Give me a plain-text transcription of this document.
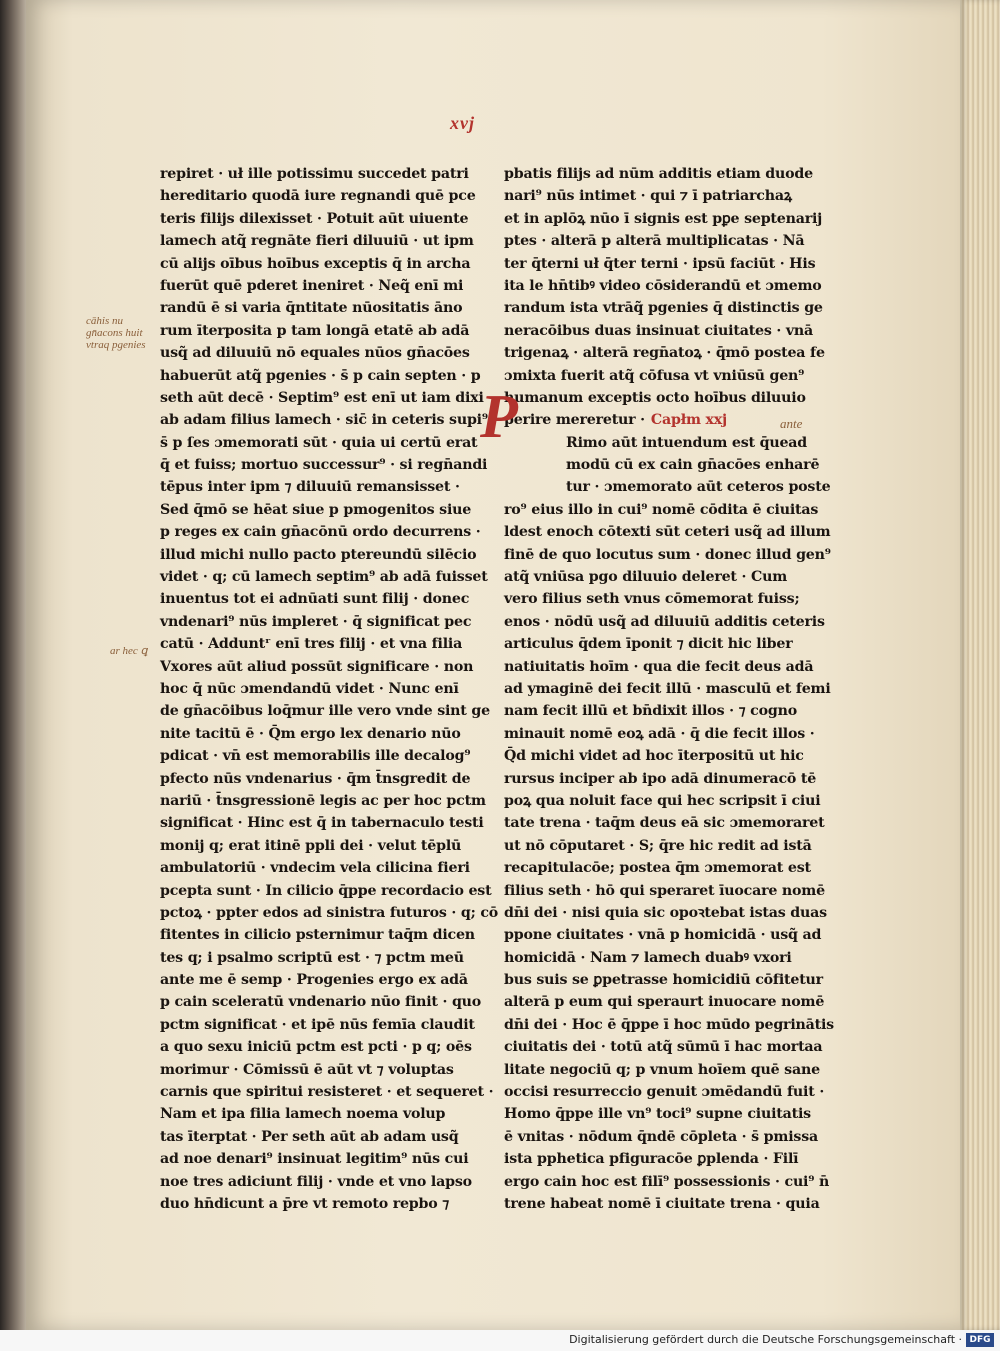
xvj
repiret · uł ille potissimu succedet patri
hereditario quodā iure regnandi quē pce
teris filijs dilexisset · Potuit aūt uiuente
lamech atq̃ regnāte fieri diluuiū · ut ipm
cū alijs oībus hoībus exceptis q̄ in archa
fuerūt quē pderet ineniret · Neq̃ enī mi
randū ē si varia q̄ntitate nūositatis āno
rum īterposita p tam longā etatē ab adā
usq̃ ad diluuiū nō equales nūos gn̄acōes
habuerūt atq̃ pgenies · s̄ p cain septen · p
seth aūt decē · Septim⁹ est enī ut iam dixi
ab adam filius lamech · sic̄ in ceteris supi⁹
s̄ p ſes ɔmemorati sūt · quia ui certū erat
q̄ et fuiss; mortuo successur⁹ · si regn̄andi
tēpus inter ipm ⁊ diluuiū remansisset ·
Sed q̄mō se hēat siue p pmogenitos siue
p reges ex cain gn̄acōnū ordo decurrens ·
illud michi nullo pacto ptereundū silēcio
videt · q; cū lamech septim⁹ ab adā fuisset
inuentus tot ei adnūati sunt filij · donec
vndenari⁹ nūs impleret · q̄ significat pec
catū · Adduntʳ enī tres filij · et vna filia
Vxores aūt aliud possūt significare · non
hoc q̄ nūc ɔmendandū videt · Nunc enī
de gn̄acōibus loq̄mur ille vero vnde sint ge
nite tacitū ē · Q̄m ergo lex denario nūo
pdicat · vn̄ est memorabilis ille decalog⁹
pfecto nūs vndenarius · q̄m t̄nsgredit de
nariū · t̄nsgressionē legis ac per hoc pctm
significat · Hinc est q̄ in tabernaculo testi
monij q; erat itinē ppli dei · velut tēplū
ambulatoriū · vndecim vela cilicina fieri
pcepta sunt · In cilicio q̄ppe recordacio est
pctoꝝ · ppter edos ad sinistra futuros · q; cō
fitentes in cilicio psternimur taq̄m dicen
tes q; i psalmo scriptū est · ⁊ pctm meū
ante me ē semp · Progenies ergo ex adā
p cain sceleratū vndenario nūo finit · quo
pctm significat · et ipē nūs femīa claudit
a quo sexu iniciū pctm est pcti · p q; oēs
morimur · Cōmissū ē aūt vt ⁊ voluptas
carnis que spiritui resisteret · et sequeret ·
Nam et ipa filia lamech noema volup
tas īterptat · Per seth aūt ab adam usq̃
ad noe denari⁹ insinuat legitim⁹ nūs cui
noe tres adiciunt filij · vnde et vno lapso
duo hn̄dicunt a p̄re vt remoto repbo ⁊
pbatis filijs ad nūm additis etiam duode
nari⁹ nūs intimet · qui ⁊ ī patriarchaꝝ
et in aplōꝝ nūo ī signis est pꝑe septenarij
ptes · alterā p alterā multiplicatas · Nā
ter q̄terni uł q̄ter terni · ipsū faciūt · His
ita le hn̄tibꝰ video cōsiderandū et ɔmemo
randum ista vtrāq̃ pgenies q̄ distinctis ge
neracōibus duas insinuat ciuitates · vnā
trigenaꝝ · alterā regn̄atoꝝ · q̄mō postea fe
ɔmixta fuerit atq̃ cōfusa vt vniūsū gen⁹
humanum exceptis octo hoībus diluuio
perire mereretur · Capłm xxj
Rimo aūt intuendum est q̄uead
modū cū ex cain gn̄acōes enharē
tur · ɔmemorato aūt ceteros poste
ro⁹ eius illo in cui⁹ nomē cōdita ē ciuitas
ldest enoch cōtexti sūt ceteri usq̃ ad illum
finē de quo locutus sum · donec illud gen⁹
atq̃ vniūsa pgo diluuio deleret · Cum
vero filius seth vnus cōmemorat fuiss;
enos · nōdū usq̃ ad diluuiū additis ceteris
articulus q̄dem īponit ⁊ dicit hic liber
natiuitatis hoīm · qua die fecit deus adā
ad ymaginē dei fecit illū · masculū et femi
nam fecit illū et bn̄dixit illos · ⁊ cogno
minauit nomē eoꝝ adā · q̄ die fecit illos ·
Q̄d michi videt ad hoc īterpositū ut hic
rursus inciper ab ipo adā dinumeracō tē
poꝝ qua noluit face qui hec scripsit ī ciui
tate trena · taq̄m deus eā sic ɔmemoraret
ut nō cōputaret · S; q̄re hic redit ad istā
recapitulacōe; postea q̄m ɔmemorat est
filius seth · hō qui speraret īuocare nomē
dn̄i dei · nisi quia sic opoꝛtebat istas duas
ppone ciuitates · vnā p homicidā · usq̃ ad
homicidā · Nam ⁊ lamech duabꝰ vxori
bus suis se ꝑpetrasse homicidiū cōfitetur
alterā p eum qui speraurt inuocare nomē
dn̄i dei · Hoc ē q̄ppe ī hoc mūdo pegrinātis
ciuitatis dei · totū atq̃ sūmū ī hac mortaa
litate negociū q; p vnum hoīem quē sane
occisi resurreccio genuit ɔmēdandū fuit ·
Homo q̄ppe ille vn⁹ toci⁹ supne ciuitatis
ē vnitas · nōdum q̄ndē cōpleta · s̄ pmissa
ista pphetica pfiguracōe ꝑplenda · Filī
ergo cain hoc est filī⁹ possessionis · cui⁹ n̄
trene habeat nomē ī ciuitate trena · quia
P
cāhis nu gn̄acons huit vtraq pgenies
ar hec ꝗ
ante
Digitalisierung gefördert durch die Deutsche Forschungsgemeinschaft · DFG
